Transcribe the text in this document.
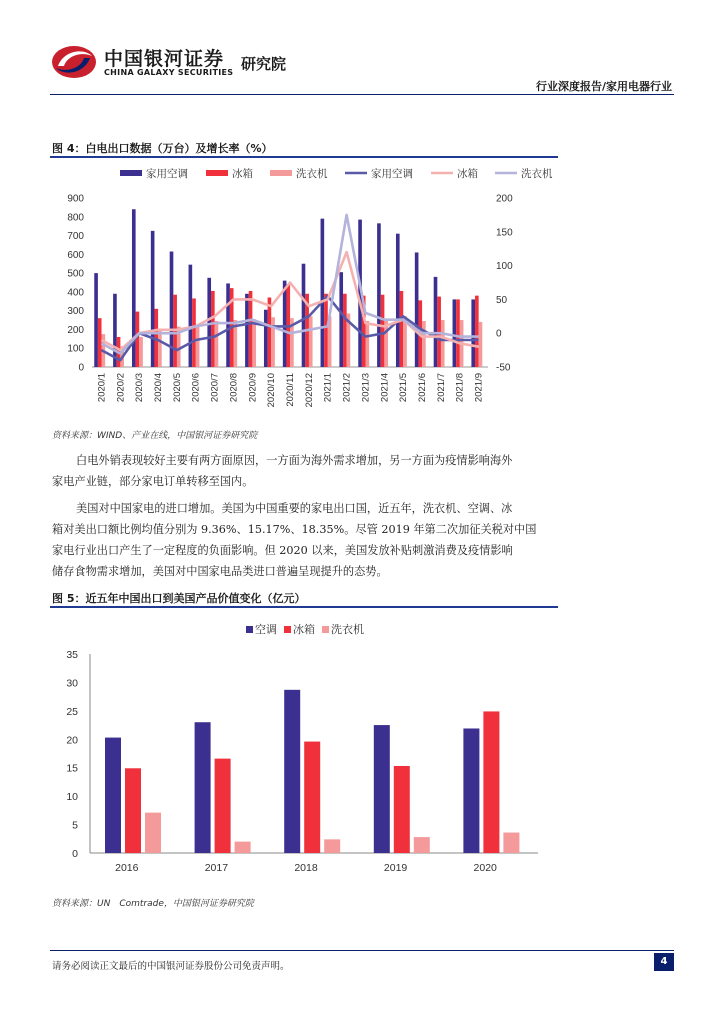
中国银河证券
CHINA GALAXY SECURITIES 研究院
行业深度报告/家用电器行业
图 4：白电出口数据（万台）及增长率（%）
家用空调	冰箱	洗衣机	家用空调	冰箱	洗衣机
0
100
200
300
400
500
600
700
800
900
-50
0
50
100
150
200
2020/1 2020/2 2020/3 2020/4 2020/5 2020/6 2020/7 2020/8 2020/9 2020/10 2020/11 2020/12 2021/1 2021/2 2021/3 2021/4 2021/5 2021/6 2021/7 2021/8 2021/9
资料来源：WIND、产业在线，中国银河证券研究院
白电外销表现较好主要有两方面原因，一方面为海外需求增加，另一方面为疫情影响海外
家电产业链，部分家电订单转移至国内。
美国对中国家电的进口增加。美国为中国重要的家电出口国，近五年，洗衣机、空调、冰
箱对美出口额比例均值分别为 9.36%、15.17%、18.35%。尽管 2019 年第二次加征关税对中国
家电行业出口产生了一定程度的负面影响。但 2020 以来，美国发放补贴刺激消费及疫情影响
储存食物需求增加，美国对中国家电品类进口普遍呈现提升的态势。
图 5：近五年中国出口到美国产品价值变化（亿元）
空调 冰箱 洗衣机
0
5
10
15
20
25
30
35
2016	2017	2018	2019	2020
资料来源：UN　Comtrade，中国银河证券研究院
请务必阅读正文最后的中国银河证券股份公司免责声明。	4
